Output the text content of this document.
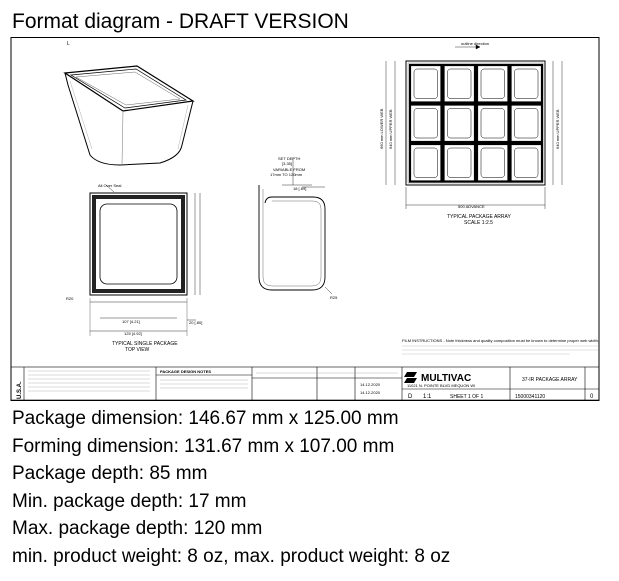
Format diagram - DRAFT VERSION
L
All Over Seal
107 [4.21]
125 [4.92]
20 [.80]
R20
TYPICAL SINGLE PACKAGE
TOP VIEW
SET DEPTH
[3.35]
VARIABLE FROM
17mm TO 120mm
18 [.69]
R25
outline direction
500 ADVANCE
TYPICAL PACKAGE ARRAY
SCALE 1:2.5
660 mm LOWER WEB 640 mm UPPER WEB	640 mm UPPER WEB
FILM INSTRUCTIONS - Note thickness and quality composition must be known to determine proper web width.
U.S.A.
PACKAGE DESIGN NOTES
MULTIVAC
11021 N. POINTE BLVD MEQUON WI
14.12.2020
14.12.2020
37-IR PACKAGE ARRAY
15000341120	0
D 1:1	SHEET 1 OF 1
Package dimension: 146.67 mm x 125.00 mm
Forming dimension: 131.67 mm x 107.00 mm
Package depth: 85 mm
Min. package depth: 17 mm
Max. package depth: 120 mm
min. product weight: 8 oz, max. product weight: 8 oz
